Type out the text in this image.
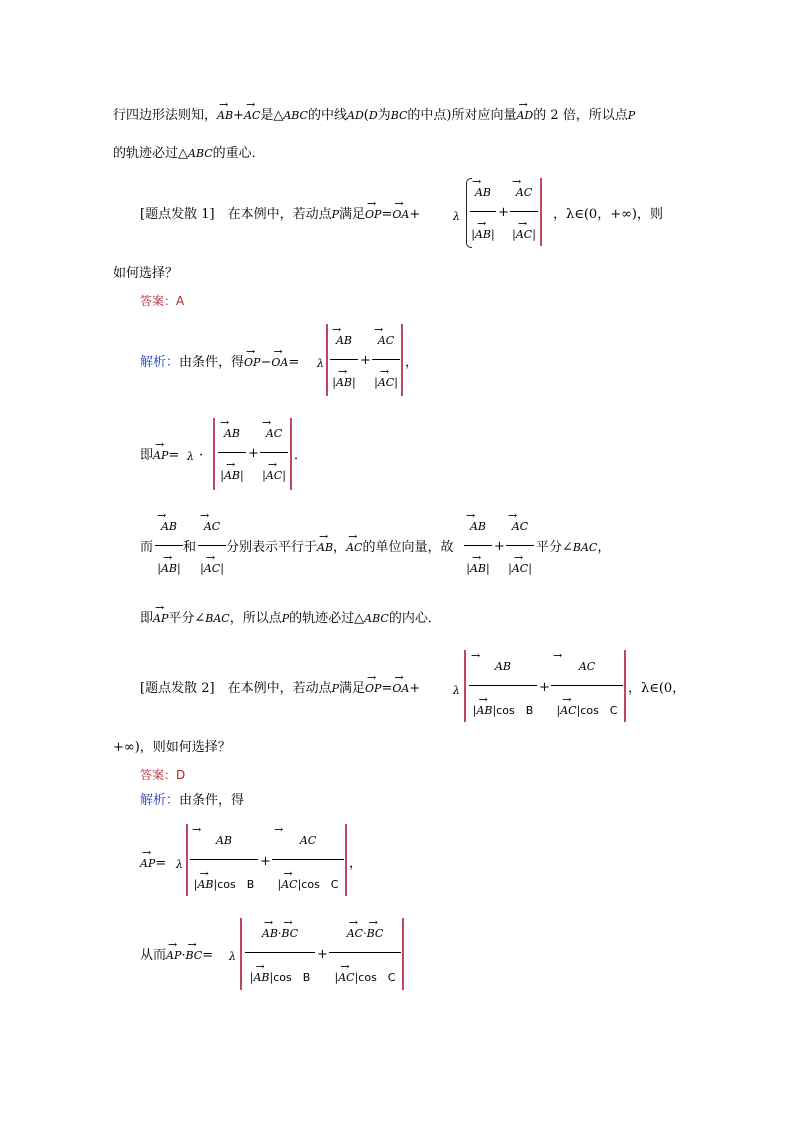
行四边形法则知，→ AB+→ AC是△ABC的中线AD(D为BC的中点)所对应向量→ AD的 2 倍，所以点P
的轨迹必过△ABC的重心．
[题点发散 1]　 在本例中，若动点P满足→ OP=→ OA+	λ
→ AB
|→ AB|
+
→ AC
|→ AC|
，λ∈(0，+∞)，则
如何选择？
答案：A
解析：由条件，得→ OP−→ OA= λ
→ AB
|→ AB|
+
→ AC
|→ AC|
，
即→ AP= λ ·
→ AB
|→ AB|
+
→ AC
|→ AC|
．
而
→ AB
|→ AB|
和
→ AC
|→ AC|
分别表示平行于→ AB，→ AC的单位向量，故
→ AB
|→ AB|
+
→ AC
|→ AC|
平分∠BAC，
即→ AP平分∠BAC，所以点P的轨迹必过△ABC的内心．
[题点发散 2]　 在本例中，若动点P满足→ OP=→ OA+	λ
→ AB
|→ AB|cos　B
+
→ AC
|→ AC|cos　C
，λ∈(0，
+∞)，则如何选择？
答案：D
解析：由条件，得
→ AP= λ
→ AB
|→ AB|cos　B
+
→ AC
|→ AC|cos　C
，
从而→ AP·→ BC= λ
→ AB·→ BC
|→ AB|cos　B
+
→ AC·→ BC
|→ AC|cos　C
